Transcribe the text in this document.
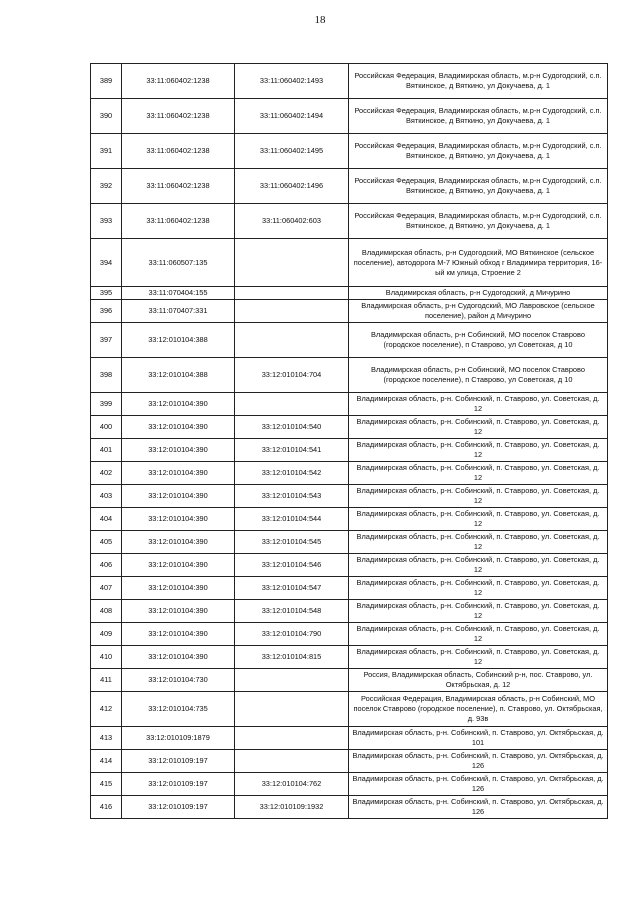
18
389	33:11:060402:1238	33:11:060402:1493	Российская Федерация, Владимирская область, м.р-н Судогодский, с.п. Вяткинское, д Вяткино, ул Докучаева, д. 1
390	33:11:060402:1238	33:11:060402:1494	Российская Федерация, Владимирская область, м.р-н Судогодский, с.п. Вяткинское, д Вяткино, ул Докучаева, д. 1
391	33:11:060402:1238	33:11:060402:1495	Российская Федерация, Владимирская область, м.р-н Судогодский, с.п. Вяткинское, д Вяткино, ул Докучаева, д. 1
392	33:11:060402:1238	33:11:060402:1496	Российская Федерация, Владимирская область, м.р-н Судогодский, с.п. Вяткинское, д Вяткино, ул Докучаева, д. 1
393	33:11:060402:1238	33:11:060402:603	Российская Федерация, Владимирская область, м.р-н Судогодский, с.п. Вяткинское, д Вяткино, ул Докучаева, д. 1
394	33:11:060507:135		Владимирская область, р-н Судогодский, МО Вяткинское (сельское поселение), автодорога М-7 Южный обход г Владимира территория, 16-ый км улица, Строение 2
395	33:11:070404:155		Владимирская область, р-н Судогодский, д Мичурино
396	33:11:070407:331		Владимирская область, р-н Судогодский, МО Лавровское (сельское поселение), район д Мичурино
397	33:12:010104:388		Владимирская область, р-н Собинский, МО поселок Ставрово (городское поселение), п Ставрово, ул Советская, д 10
398	33:12:010104:388	33:12:010104:704	Владимирская область, р-н Собинский, МО поселок Ставрово (городское поселение), п Ставрово, ул Советская, д 10
399	33:12:010104:390		Владимирская область, р-н. Собинский, п. Ставрово, ул. Советская, д. 12
400	33:12:010104:390	33:12:010104:540	Владимирская область, р-н. Собинский, п. Ставрово, ул. Советская, д. 12
401	33:12:010104:390	33:12:010104:541	Владимирская область, р-н. Собинский, п. Ставрово, ул. Советская, д. 12
402	33:12:010104:390	33:12:010104:542	Владимирская область, р-н. Собинский, п. Ставрово, ул. Советская, д. 12
403	33:12:010104:390	33:12:010104:543	Владимирская область, р-н. Собинский, п. Ставрово, ул. Советская, д. 12
404	33:12:010104:390	33:12:010104:544	Владимирская область, р-н. Собинский, п. Ставрово, ул. Советская, д. 12
405	33:12:010104:390	33:12:010104:545	Владимирская область, р-н. Собинский, п. Ставрово, ул. Советская, д. 12
406	33:12:010104:390	33:12:010104:546	Владимирская область, р-н. Собинский, п. Ставрово, ул. Советская, д. 12
407	33:12:010104:390	33:12:010104:547	Владимирская область, р-н. Собинский, п. Ставрово, ул. Советская, д. 12
408	33:12:010104:390	33:12:010104:548	Владимирская область, р-н. Собинский, п. Ставрово, ул. Советская, д. 12
409	33:12:010104:390	33:12:010104:790	Владимирская область, р-н. Собинский, п. Ставрово, ул. Советская, д. 12
410	33:12:010104:390	33:12:010104:815	Владимирская область, р-н. Собинский, п. Ставрово, ул. Советская, д. 12
411	33:12:010104:730		Россия, Владимирская область, Собинский р-н, пос. Ставрово, ул. Октябрьская, д. 12
412	33:12:010104:735		Российская Федерация, Владимирская область, р-н Собинский, МО поселок Ставрово (городское поселение), п. Ставрово, ул. Октябрьская, д. 93в
413	33:12:010109:1879		Владимирская область, р-н. Собинский, п. Ставрово, ул. Октябрьская, д. 101
414	33:12:010109:197		Владимирская область, р-н. Собинский, п. Ставрово, ул. Октябрьская, д. 126
415	33:12:010109:197	33:12:010104:762	Владимирская область, р-н. Собинский, п. Ставрово, ул. Октябрьская, д. 126
416	33:12:010109:197	33:12:010109:1932	Владимирская область, р-н. Собинский, п. Ставрово, ул. Октябрьская, д. 126
